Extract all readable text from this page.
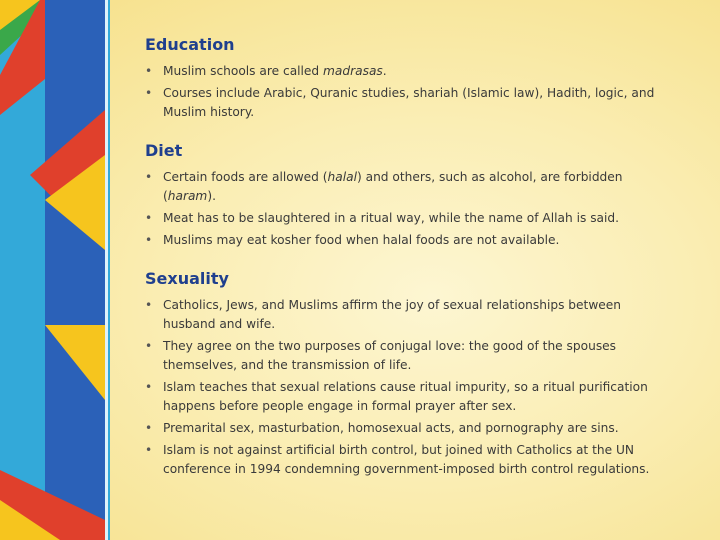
Education
• Muslim schools are called madrasas.
• Courses include Arabic, Quranic studies, shariah (Islamic law), Hadith, logic, and Muslim history.
Diet
• Certain foods are allowed (halal) and others, such as alcohol, are forbidden (haram).
• Meat has to be slaughtered in a ritual way, while the name of Allah is said.
• Muslims may eat kosher food when halal foods are not available.
Sexuality
• Catholics, Jews, and Muslims affirm the joy of sexual relationships between husband and wife.
• They agree on the two purposes of conjugal love: the good of the spouses themselves, and the transmission of life.
• Islam teaches that sexual relations cause ritual impurity, so a ritual purification happens before people engage in formal prayer after sex.
• Premarital sex, masturbation, homosexual acts, and pornography are sins.
• Islam is not against artificial birth control, but joined with Catholics at the UN conference in 1994 condemning government-imposed birth control regulations.
